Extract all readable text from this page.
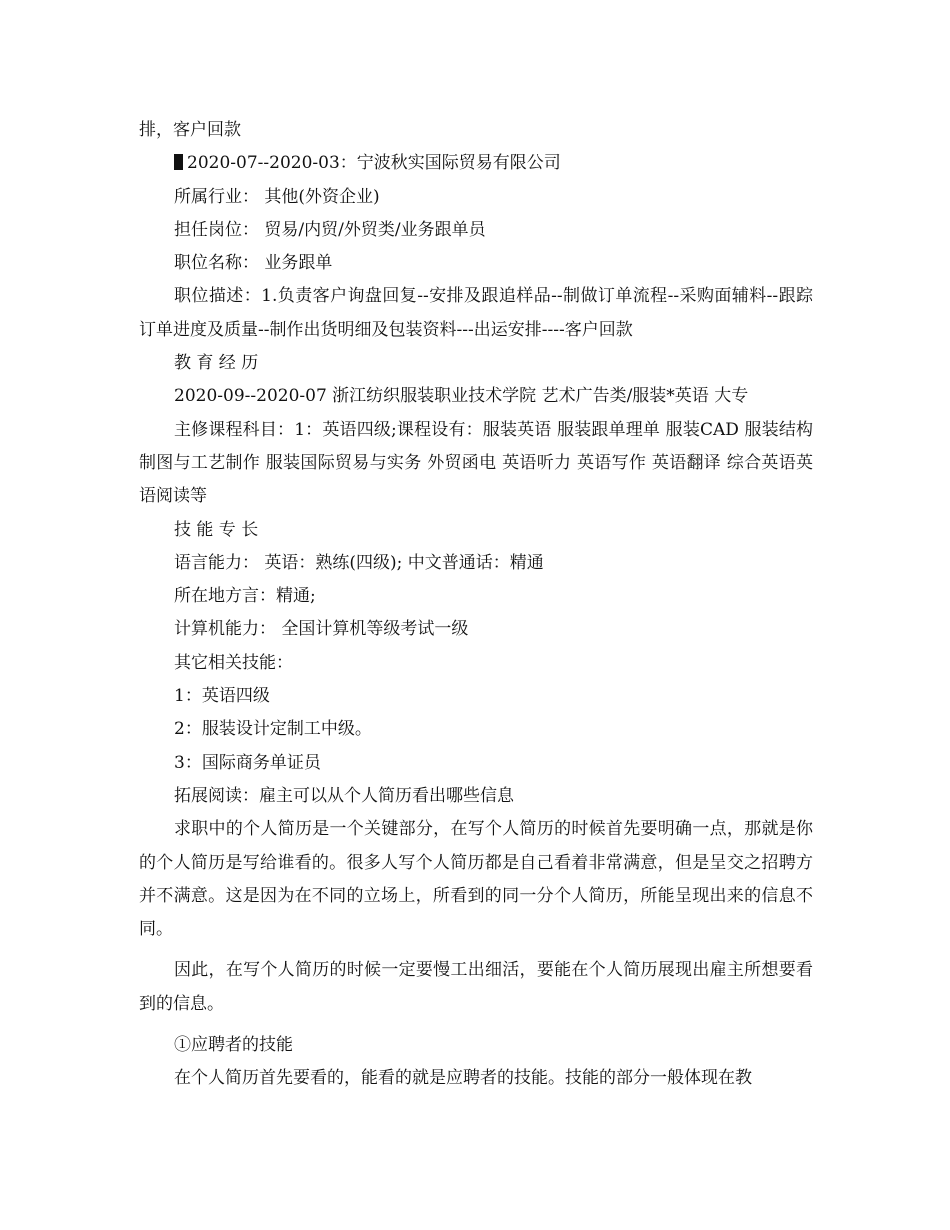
排，客户回款

2020-07--2020-03：宁波秋实国际贸易有限公司

所属行业： 其他(外资企业)

担任岗位： 贸易/内贸/外贸类/业务跟单员

职位名称： 业务跟单

职位描述：1.负责客户询盘回复--安排及跟追样品--制做订单流程--采购面辅料--跟踪订单进度及质量--制作出货明细及包装资料---出运安排----客户回款

教 育 经 历

2020-09--2020-07 浙江纺织服装职业技术学院 艺术广告类/服装*英语 大专

主修课程科目：1：英语四级;课程设有：服装英语 服装跟单理单 服装CAD 服装结构制图与工艺制作 服装国际贸易与实务 外贸函电 英语听力 英语写作 英语翻译 综合英语英语阅读等

技 能 专 长

语言能力： 英语：熟练(四级); 中文普通话：精通

所在地方言：精通;

计算机能力： 全国计算机等级考试一级

其它相关技能：

1：英语四级

2：服装设计定制工中级。

3：国际商务单证员

拓展阅读：雇主可以从个人简历看出哪些信息

求职中的个人简历是一个关键部分，在写个人简历的时候首先要明确一点，那就是你的个人简历是写给谁看的。很多人写个人简历都是自己看着非常满意，但是呈交之招聘方并不满意。这是因为在不同的立场上，所看到的同一分个人简历，所能呈现出来的信息不同。

因此，在写个人简历的时候一定要慢工出细活，要能在个人简历展现出雇主所想要看到的信息。

①应聘者的技能

在个人简历首先要看的，能看的就是应聘者的技能。技能的部分一般体现在教
